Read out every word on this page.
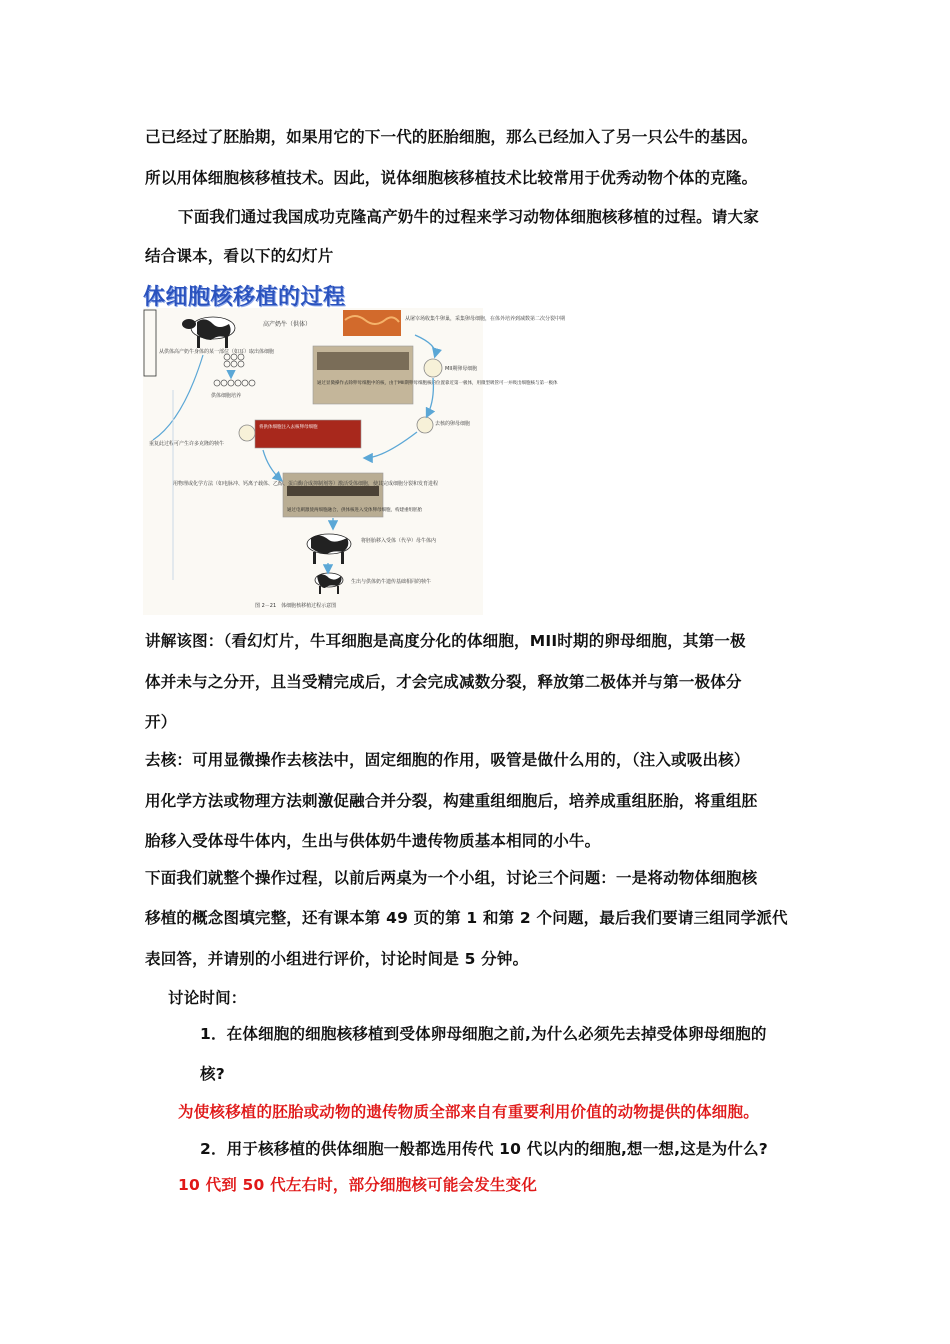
己已经过了胚胎期，如果用它的下一代的胚胎细胞，那么已经加入了另一只公牛的基因。
所以用体细胞核移植技术。因此，说体细胞核移植技术比较常用于优秀动物个体的克隆。
下面我们通过我国成功克隆高产奶牛的过程来学习动物体细胞核移植的过程。请大家
结合课本，看以下的幻灯片
高产奶牛（供体）
从供体高产奶牛身体的某一部位（如耳）取出体细胞
供体细胞培养
从屠宰场收集牛卵巢，采集卵母细胞，在体外培养到减数第二次分裂中期
MII期卵母细胞
通过显微操作去除卵母细胞中的核，由于MII期卵母细胞核的位置靠近第一极体，用微型吸管可一并吸出细胞核与第一极体
去核的卵母细胞
将供体细胞注入去核卵母细胞
通过电刺激使两细胞融合，供体核进入受体卵母细胞，构建重组胚胎
用物理或化学方法（如电脉冲、钙离子载体、乙醇、蛋白酶合成抑制剂等）激活受体细胞，使其完成细胞分裂和发育进程
重复此过程可产生许多克隆的犊牛
将胚胎移入受体（代孕）母牛体内
生出与供体奶牛遗传基础相同的犊牛
图 2－21　体细胞核移植过程示意图
体细胞核移植的过程
讲解该图：（看幻灯片，牛耳细胞是高度分化的体细胞，MII时期的卵母细胞，其第一极
体并未与之分开，且当受精完成后，才会完成减数分裂，释放第二极体并与第一极体分
开）
去核：可用显微操作去核法中，固定细胞的作用，吸管是做什么用的，（注入或吸出核）
用化学方法或物理方法刺激促融合并分裂，构建重组细胞后，培养成重组胚胎，将重组胚
胎移入受体母牛体内，生出与供体奶牛遗传物质基本相同的小牛。
下面我们就整个操作过程，以前后两桌为一个小组，讨论三个问题：一是将动物体细胞核
移植的概念图填完整，还有课本第 49 页的第 1 和第 2 个问题，最后我们要请三组同学派代
表回答，并请别的小组进行评价，讨论时间是 5 分钟。
讨论时间：
1．在体细胞的细胞核移植到受体卵母细胞之前,为什么必须先去掉受体卵母细胞的
核?
为使核移植的胚胎或动物的遗传物质全部来自有重要利用价值的动物提供的体细胞。
2．用于核移植的供体细胞一般都选用传代 10 代以内的细胞,想一想,这是为什么?
10 代到 50 代左右时，部分细胞核可能会发生变化
